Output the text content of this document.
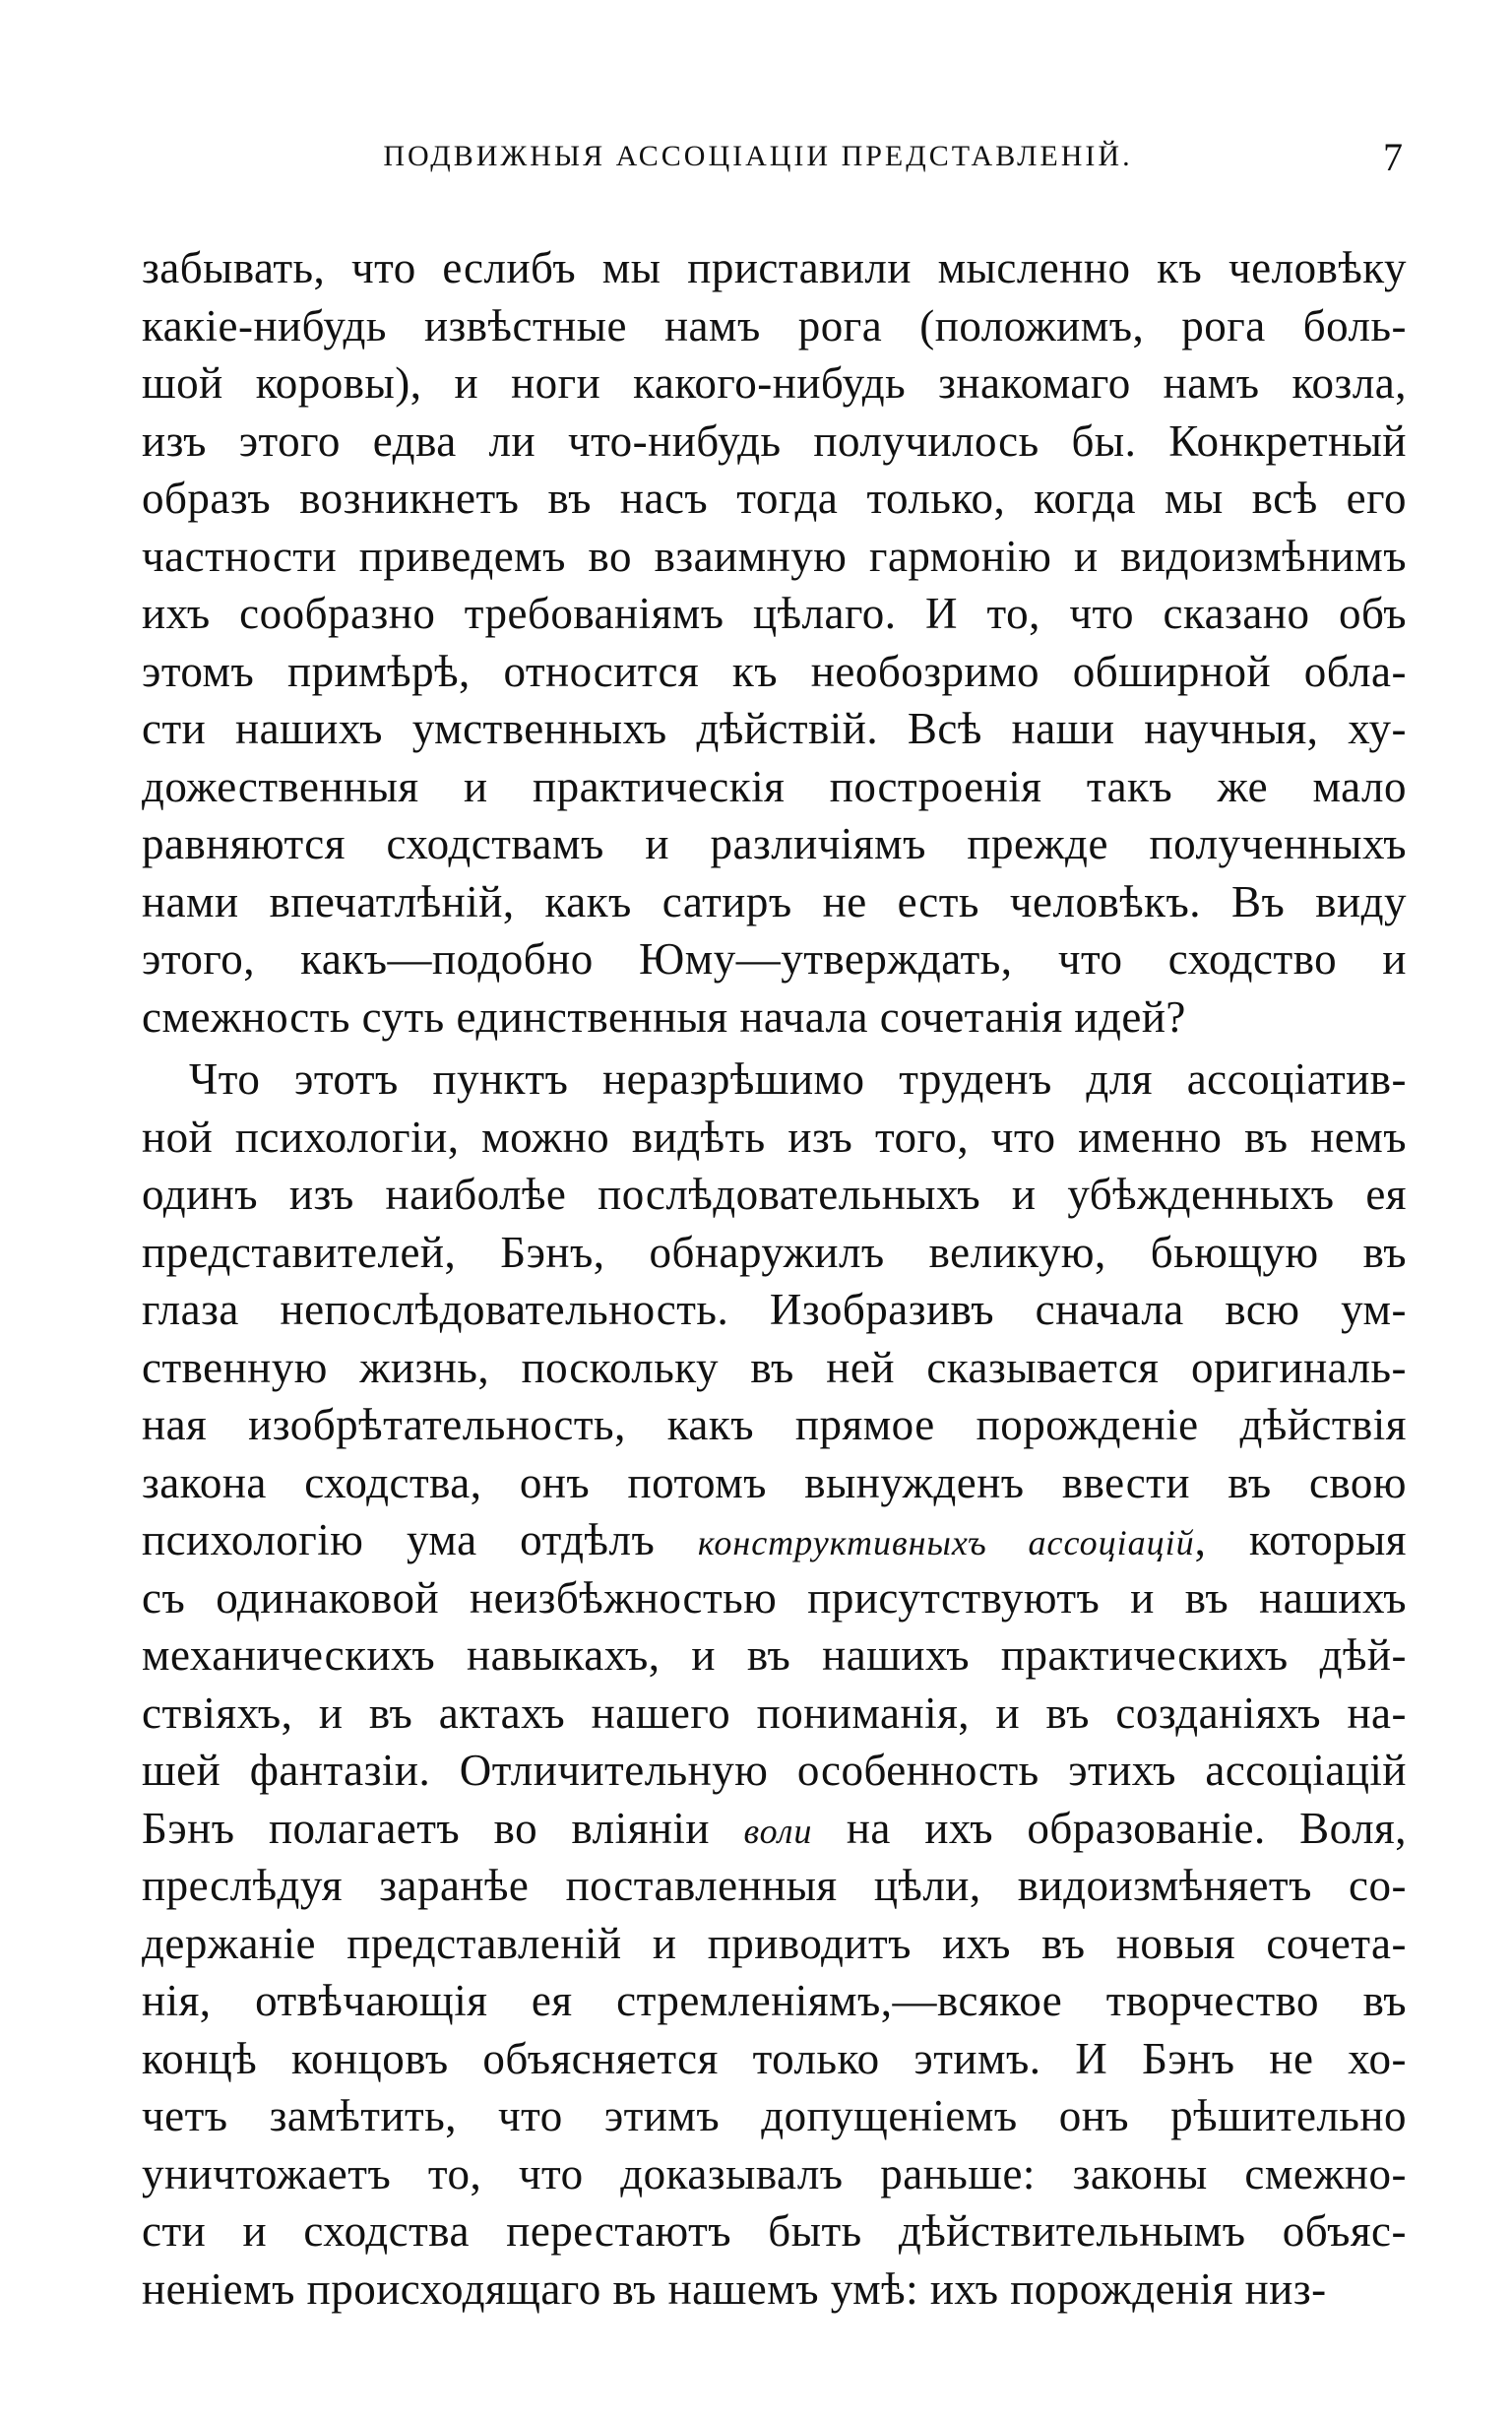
ПОДВИЖНЫЯ АССОЦІАЦІИ ПРЕДСТАВЛЕНІЙ.	7
забывать, что еслибъ мы приставили мысленно къ человѣку
какіе-нибудь извѣстные намъ рога (положимъ, рога боль-
шой коровы), и ноги какого-нибудь знакомаго намъ козла,
изъ этого едва ли что-нибудь получилось бы. Конкретный
образъ возникнетъ въ насъ тогда только, когда мы всѣ его
частности приведемъ во взаимную гармонію и видоизмѣнимъ
ихъ сообразно требованіямъ цѣлаго. И то, что сказано объ
этомъ примѣрѣ, относится къ необозримо обширной обла-
сти нашихъ умственныхъ дѣйствій. Всѣ наши научныя, ху-
дожественныя и практическія построенія такъ же мало
равняются сходствамъ и различіямъ прежде полученныхъ
нами впечатлѣній, какъ сатиръ не есть человѣкъ. Въ виду
этого, какъ—подобно Юму—утверждать, что сходство и
смежность суть единственныя начала сочетанія идей?
Что этотъ пунктъ неразрѣшимо труденъ для ассоціатив-
ной психологіи, можно видѣть изъ того, что именно въ немъ
одинъ изъ наиболѣе послѣдовательныхъ и убѣжденныхъ ея
представителей, Бэнъ, обнаружилъ великую, бьющую въ
глаза непослѣдовательность. Изобразивъ сначала всю ум-
ственную жизнь, поскольку въ ней сказывается оригиналь-
ная изобрѣтательность, какъ прямое порожденіе дѣйствія
закона сходства, онъ потомъ вынужденъ ввести въ свою
психологію ума отдѣлъ конструктивныхъ ассоціацій, которыя
съ одинаковой неизбѣжностью присутствуютъ и въ нашихъ
механическихъ навыкахъ, и въ нашихъ практическихъ дѣй-
ствіяхъ, и въ актахъ нашего пониманія, и въ созданіяхъ на-
шей фантазіи. Отличительную особенность этихъ ассоціацій
Бэнъ полагаетъ во вліяніи воли на ихъ образованіе. Воля,
преслѣдуя заранѣе поставленныя цѣли, видоизмѣняетъ со-
держаніе представленій и приводитъ ихъ въ новыя сочета-
нія, отвѣчающія ея стремленіямъ,—всякое творчество въ
концѣ концовъ объясняется только этимъ. И Бэнъ не хо-
четъ замѣтить, что этимъ допущеніемъ онъ рѣшительно
уничтожаетъ то, что доказывалъ раньше: законы смежно-
сти и сходства перестаютъ быть дѣйствительнымъ объяс-
неніемъ происходящаго въ нашемъ умѣ: ихъ порожденія низ-
